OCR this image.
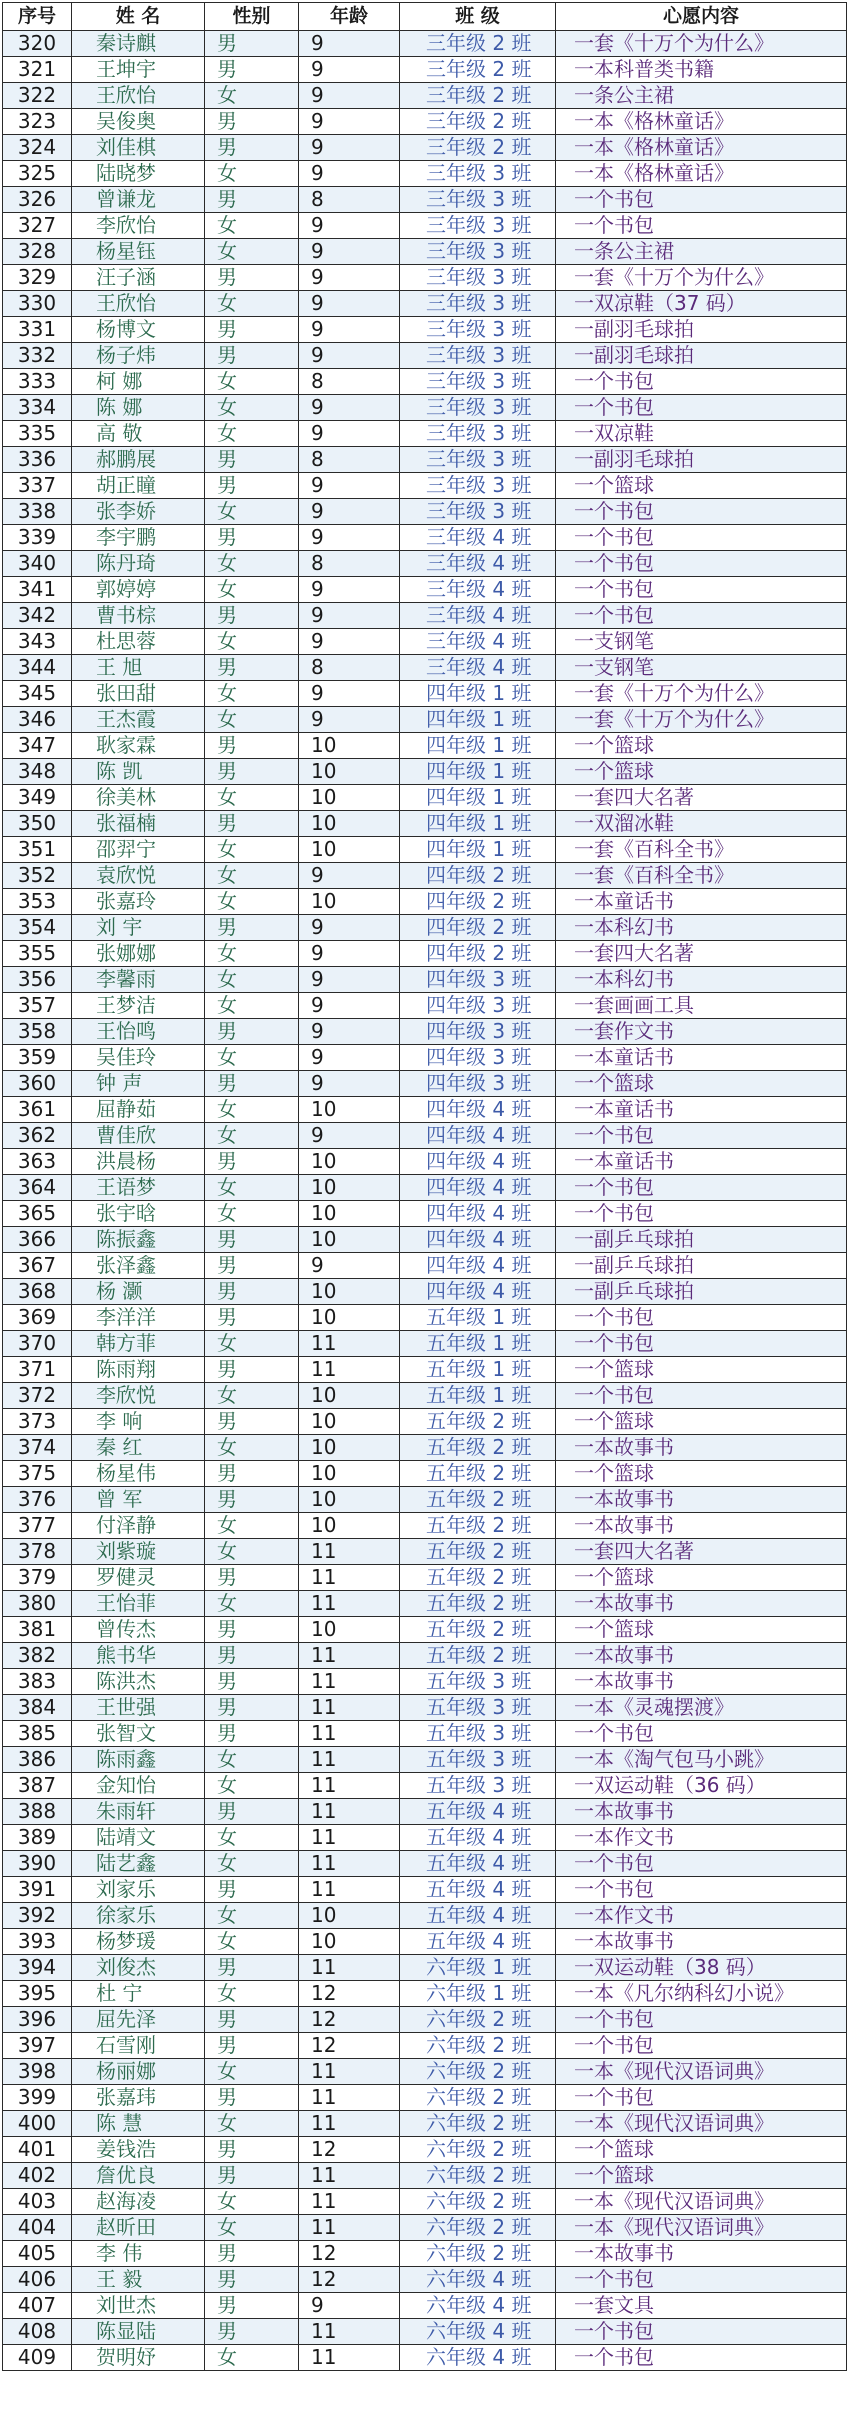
序号	姓 名	性别	年龄	班 级	心愿内容
320	秦诗麒	男	9	三年级 2 班	一套《十万个为什么》
321	王坤宇	男	9	三年级 2 班	一本科普类书籍
322	王欣怡	女	9	三年级 2 班	一条公主裙
323	吴俊奥	男	9	三年级 2 班	一本《格林童话》
324	刘佳棋	男	9	三年级 2 班	一本《格林童话》
325	陆晓梦	女	9	三年级 3 班	一本《格林童话》
326	曾谦龙	男	8	三年级 3 班	一个书包
327	李欣怡	女	9	三年级 3 班	一个书包
328	杨星钰	女	9	三年级 3 班	一条公主裙
329	汪子涵	男	9	三年级 3 班	一套《十万个为什么》
330	王欣怡	女	9	三年级 3 班	一双凉鞋（37 码）
331	杨博文	男	9	三年级 3 班	一副羽毛球拍
332	杨子炜	男	9	三年级 3 班	一副羽毛球拍
333	柯 娜	女	8	三年级 3 班	一个书包
334	陈 娜	女	9	三年级 3 班	一个书包
335	高 敬	女	9	三年级 3 班	一双凉鞋
336	郝鹏展	男	8	三年级 3 班	一副羽毛球拍
337	胡正瞳	男	9	三年级 3 班	一个篮球
338	张李娇	女	9	三年级 3 班	一个书包
339	李宇鹏	男	9	三年级 4 班	一个书包
340	陈丹琦	女	8	三年级 4 班	一个书包
341	郭婷婷	女	9	三年级 4 班	一个书包
342	曹书棕	男	9	三年级 4 班	一个书包
343	杜思蓉	女	9	三年级 4 班	一支钢笔
344	王 旭	男	8	三年级 4 班	一支钢笔
345	张田甜	女	9	四年级 1 班	一套《十万个为什么》
346	王杰霞	女	9	四年级 1 班	一套《十万个为什么》
347	耿家霖	男	10	四年级 1 班	一个篮球
348	陈 凯	男	10	四年级 1 班	一个篮球
349	徐美林	女	10	四年级 1 班	一套四大名著
350	张福楠	男	10	四年级 1 班	一双溜冰鞋
351	邵羿宁	女	10	四年级 1 班	一套《百科全书》
352	袁欣悦	女	9	四年级 2 班	一套《百科全书》
353	张嘉玲	女	10	四年级 2 班	一本童话书
354	刘 宇	男	9	四年级 2 班	一本科幻书
355	张娜娜	女	9	四年级 2 班	一套四大名著
356	李馨雨	女	9	四年级 3 班	一本科幻书
357	王梦洁	女	9	四年级 3 班	一套画画工具
358	王怡鸣	男	9	四年级 3 班	一套作文书
359	吴佳玲	女	9	四年级 3 班	一本童话书
360	钟 声	男	9	四年级 3 班	一个篮球
361	屈静茹	女	10	四年级 4 班	一本童话书
362	曹佳欣	女	9	四年级 4 班	一个书包
363	洪晨杨	男	10	四年级 4 班	一本童话书
364	王语梦	女	10	四年级 4 班	一个书包
365	张宇晗	女	10	四年级 4 班	一个书包
366	陈振鑫	男	10	四年级 4 班	一副乒乓球拍
367	张泽鑫	男	9	四年级 4 班	一副乒乓球拍
368	杨 灏	男	10	四年级 4 班	一副乒乓球拍
369	李洋洋	男	10	五年级 1 班	一个书包
370	韩方菲	女	11	五年级 1 班	一个书包
371	陈雨翔	男	11	五年级 1 班	一个篮球
372	李欣悦	女	10	五年级 1 班	一个书包
373	李 响	男	10	五年级 2 班	一个篮球
374	秦 红	女	10	五年级 2 班	一本故事书
375	杨星伟	男	10	五年级 2 班	一个篮球
376	曾 军	男	10	五年级 2 班	一本故事书
377	付泽静	女	10	五年级 2 班	一本故事书
378	刘紫璇	女	11	五年级 2 班	一套四大名著
379	罗健灵	男	11	五年级 2 班	一个篮球
380	王怡菲	女	11	五年级 2 班	一本故事书
381	曾传杰	男	10	五年级 2 班	一个篮球
382	熊书华	男	11	五年级 2 班	一本故事书
383	陈洪杰	男	11	五年级 3 班	一本故事书
384	王世强	男	11	五年级 3 班	一本《灵魂摆渡》
385	张智文	男	11	五年级 3 班	一个书包
386	陈雨鑫	女	11	五年级 3 班	一本《淘气包马小跳》
387	金知怡	女	11	五年级 3 班	一双运动鞋（36 码）
388	朱雨轩	男	11	五年级 4 班	一本故事书
389	陆靖文	女	11	五年级 4 班	一本作文书
390	陆艺鑫	女	11	五年级 4 班	一个书包
391	刘家乐	男	11	五年级 4 班	一个书包
392	徐家乐	女	10	五年级 4 班	一本作文书
393	杨梦瑗	女	10	五年级 4 班	一本故事书
394	刘俊杰	男	11	六年级 1 班	一双运动鞋（38 码）
395	杜 宁	女	12	六年级 1 班	一本《凡尔纳科幻小说》
396	屈先泽	男	12	六年级 2 班	一个书包
397	石雪刚	男	12	六年级 2 班	一个书包
398	杨丽娜	女	11	六年级 2 班	一本《现代汉语词典》
399	张嘉玮	男	11	六年级 2 班	一个书包
400	陈 慧	女	11	六年级 2 班	一本《现代汉语词典》
401	姜钱浩	男	12	六年级 2 班	一个篮球
402	詹优良	男	11	六年级 2 班	一个篮球
403	赵海凌	女	11	六年级 2 班	一本《现代汉语词典》
404	赵昕田	女	11	六年级 2 班	一本《现代汉语词典》
405	李 伟	男	12	六年级 2 班	一本故事书
406	王 毅	男	12	六年级 4 班	一个书包
407	刘世杰	男	9	六年级 4 班	一套文具
408	陈显陆	男	11	六年级 4 班	一个书包
409	贺明妤	女	11	六年级 4 班	一个书包
